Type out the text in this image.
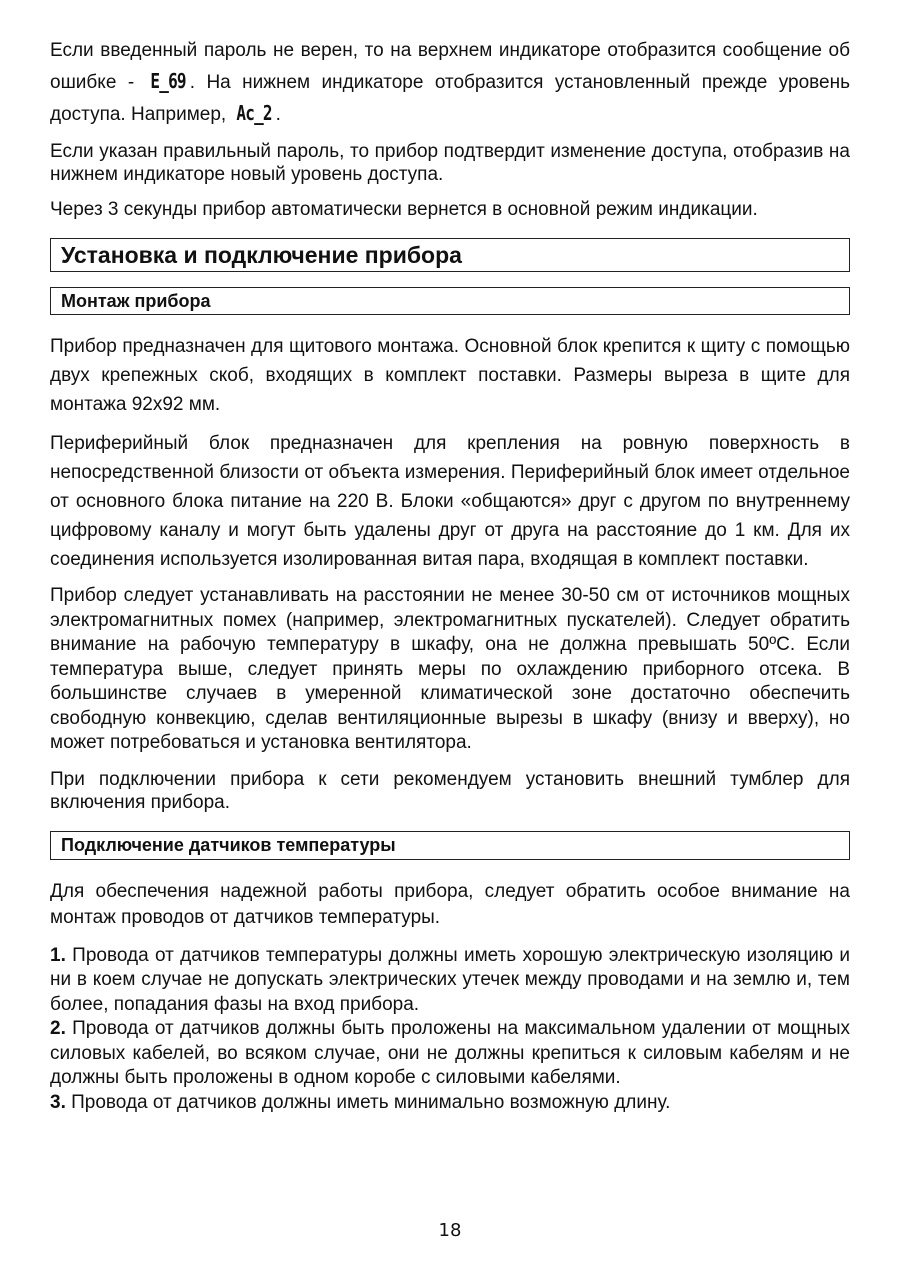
Если введенный пароль не верен, то на верхнем индикаторе отобразится сообщение об ошибке - E_69 . На нижнем индикаторе отобразится установленный прежде уровень доступа. Например, Ac_2 .

Если указан правильный пароль, то прибор подтвердит изменение доступа, отобразив на нижнем индикаторе новый уровень доступа.

Через 3 секунды прибор автоматически вернется в основной режим индикации.

Установка и подключение прибора
Монтаж прибора

Прибор предназначен для щитового монтажа. Основной блок крепится к щиту с помощью двух крепежных скоб, входящих в комплект поставки. Размеры выреза в щите для монтажа 92х92 мм.

Периферийный блок предназначен для крепления на ровную поверхность в непосредственной близости от объекта измерения. Периферийный блок имеет отдельное от основного блока питание на 220 В. Блоки «общаются» друг с другом по внутреннему цифровому каналу и могут быть удалены друг от друга на расстояние до 1 км. Для их соединения используется изолированная витая пара, входящая в комплект поставки.

Прибор следует устанавливать на расстоянии не менее 30-50 см от источников мощных электромагнитных помех (например, электромагнитных пускателей). Следует обратить внимание на рабочую температуру в шкафу, она не должна превышать 50ºС. Если температура выше, следует принять меры по охлаждению приборного отсека. В большинстве случаев в умеренной климатической зоне достаточно обеспечить свободную конвекцию, сделав вентиляционные вырезы в шкафу (внизу и вверху), но может потребоваться и установка вентилятора.

При подключении прибора к сети рекомендуем установить внешний тумблер для включения прибора.

Подключение датчиков температуры

Для обеспечения надежной работы прибора, следует обратить особое внимание на монтаж проводов от датчиков температуры.

1. Провода от датчиков температуры должны иметь хорошую электрическую изоляцию и ни в коем случае не допускать электрических утечек между проводами и на землю и, тем более, попадания фазы на вход прибора.

2. Провода от датчиков должны быть проложены на максимальном удалении от мощных силовых кабелей, во всяком случае, они не должны крепиться к силовым кабелям и не должны быть проложены в одном коробе с силовыми кабелями.

3. Провода от датчиков должны иметь минимально возможную длину.

18
